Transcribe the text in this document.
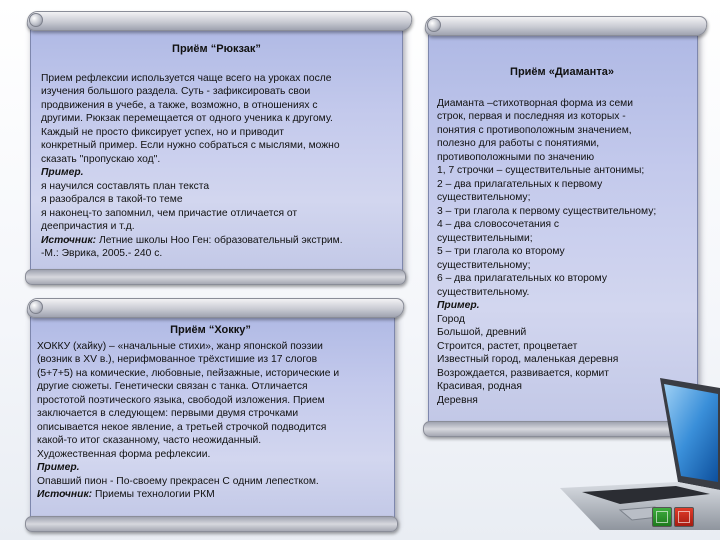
Приём “Рюкзак”

Прием рефлексии используется чаще всего на уроках после
изучения большого раздела. Суть - зафиксировать свои
продвижения в учебе, а также, возможно, в отношениях с
другими. Рюкзак перемещается от одного ученика к другому.
Каждый не просто фиксирует успех, но и приводит
конкретный пример. Если нужно собраться с мыслями, можно
сказать "пропускаю ход".
Пример.
я научился составлять план текста
я разобрался в такой-то теме
я наконец-то запомнил, чем причастие отличается от
деепричастия и т.д.
Источник: Летние школы Ноо Ген: образовательный экстрим.
-М.: Эврика, 2005.- 240 с.

Приём “Хокку”

ХОККУ (хайку) – «начальные стихи», жанр японской поэзии
(возник в XV в.), нерифмованное трёхстишие из 17 слогов
(5+7+5) на комические, любовные, пейзажные, исторические и
другие сюжеты. Генетически связан с танка. Отличается
простотой поэтического языка, свободой изложения. Прием
заключается в следующем: первыми двумя строчками
описывается некое явление, а третьей строчкой подводится
какой-то итог сказанному, часто неожиданный.
Художественная форма рефлексии.
Пример.
Опавший пион - По-своему прекрасен С одним лепестком.
Источник: Приемы технологии РКМ

Приём «Диаманта»

Диаманта –стихотворная форма из семи
строк, первая и последняя из которых -
понятия с противоположным значением,
полезно для работы с понятиями,
противоположными по значению
1, 7 строчки – существительные антонимы;
2 – два прилагательных к первому
существительному;
3 – три глагола к первому существительному;
4 – два словосочетания с
существительными;
5 – три глагола ко второму
существительному;
6 – два прилагательных ко второму
существительному.
Пример.
Город
Большой, древний
Строится, растет, процветает
Известный город, маленькая деревня
Возрождается, развивается, кормит
Красивая, родная
Деревня
